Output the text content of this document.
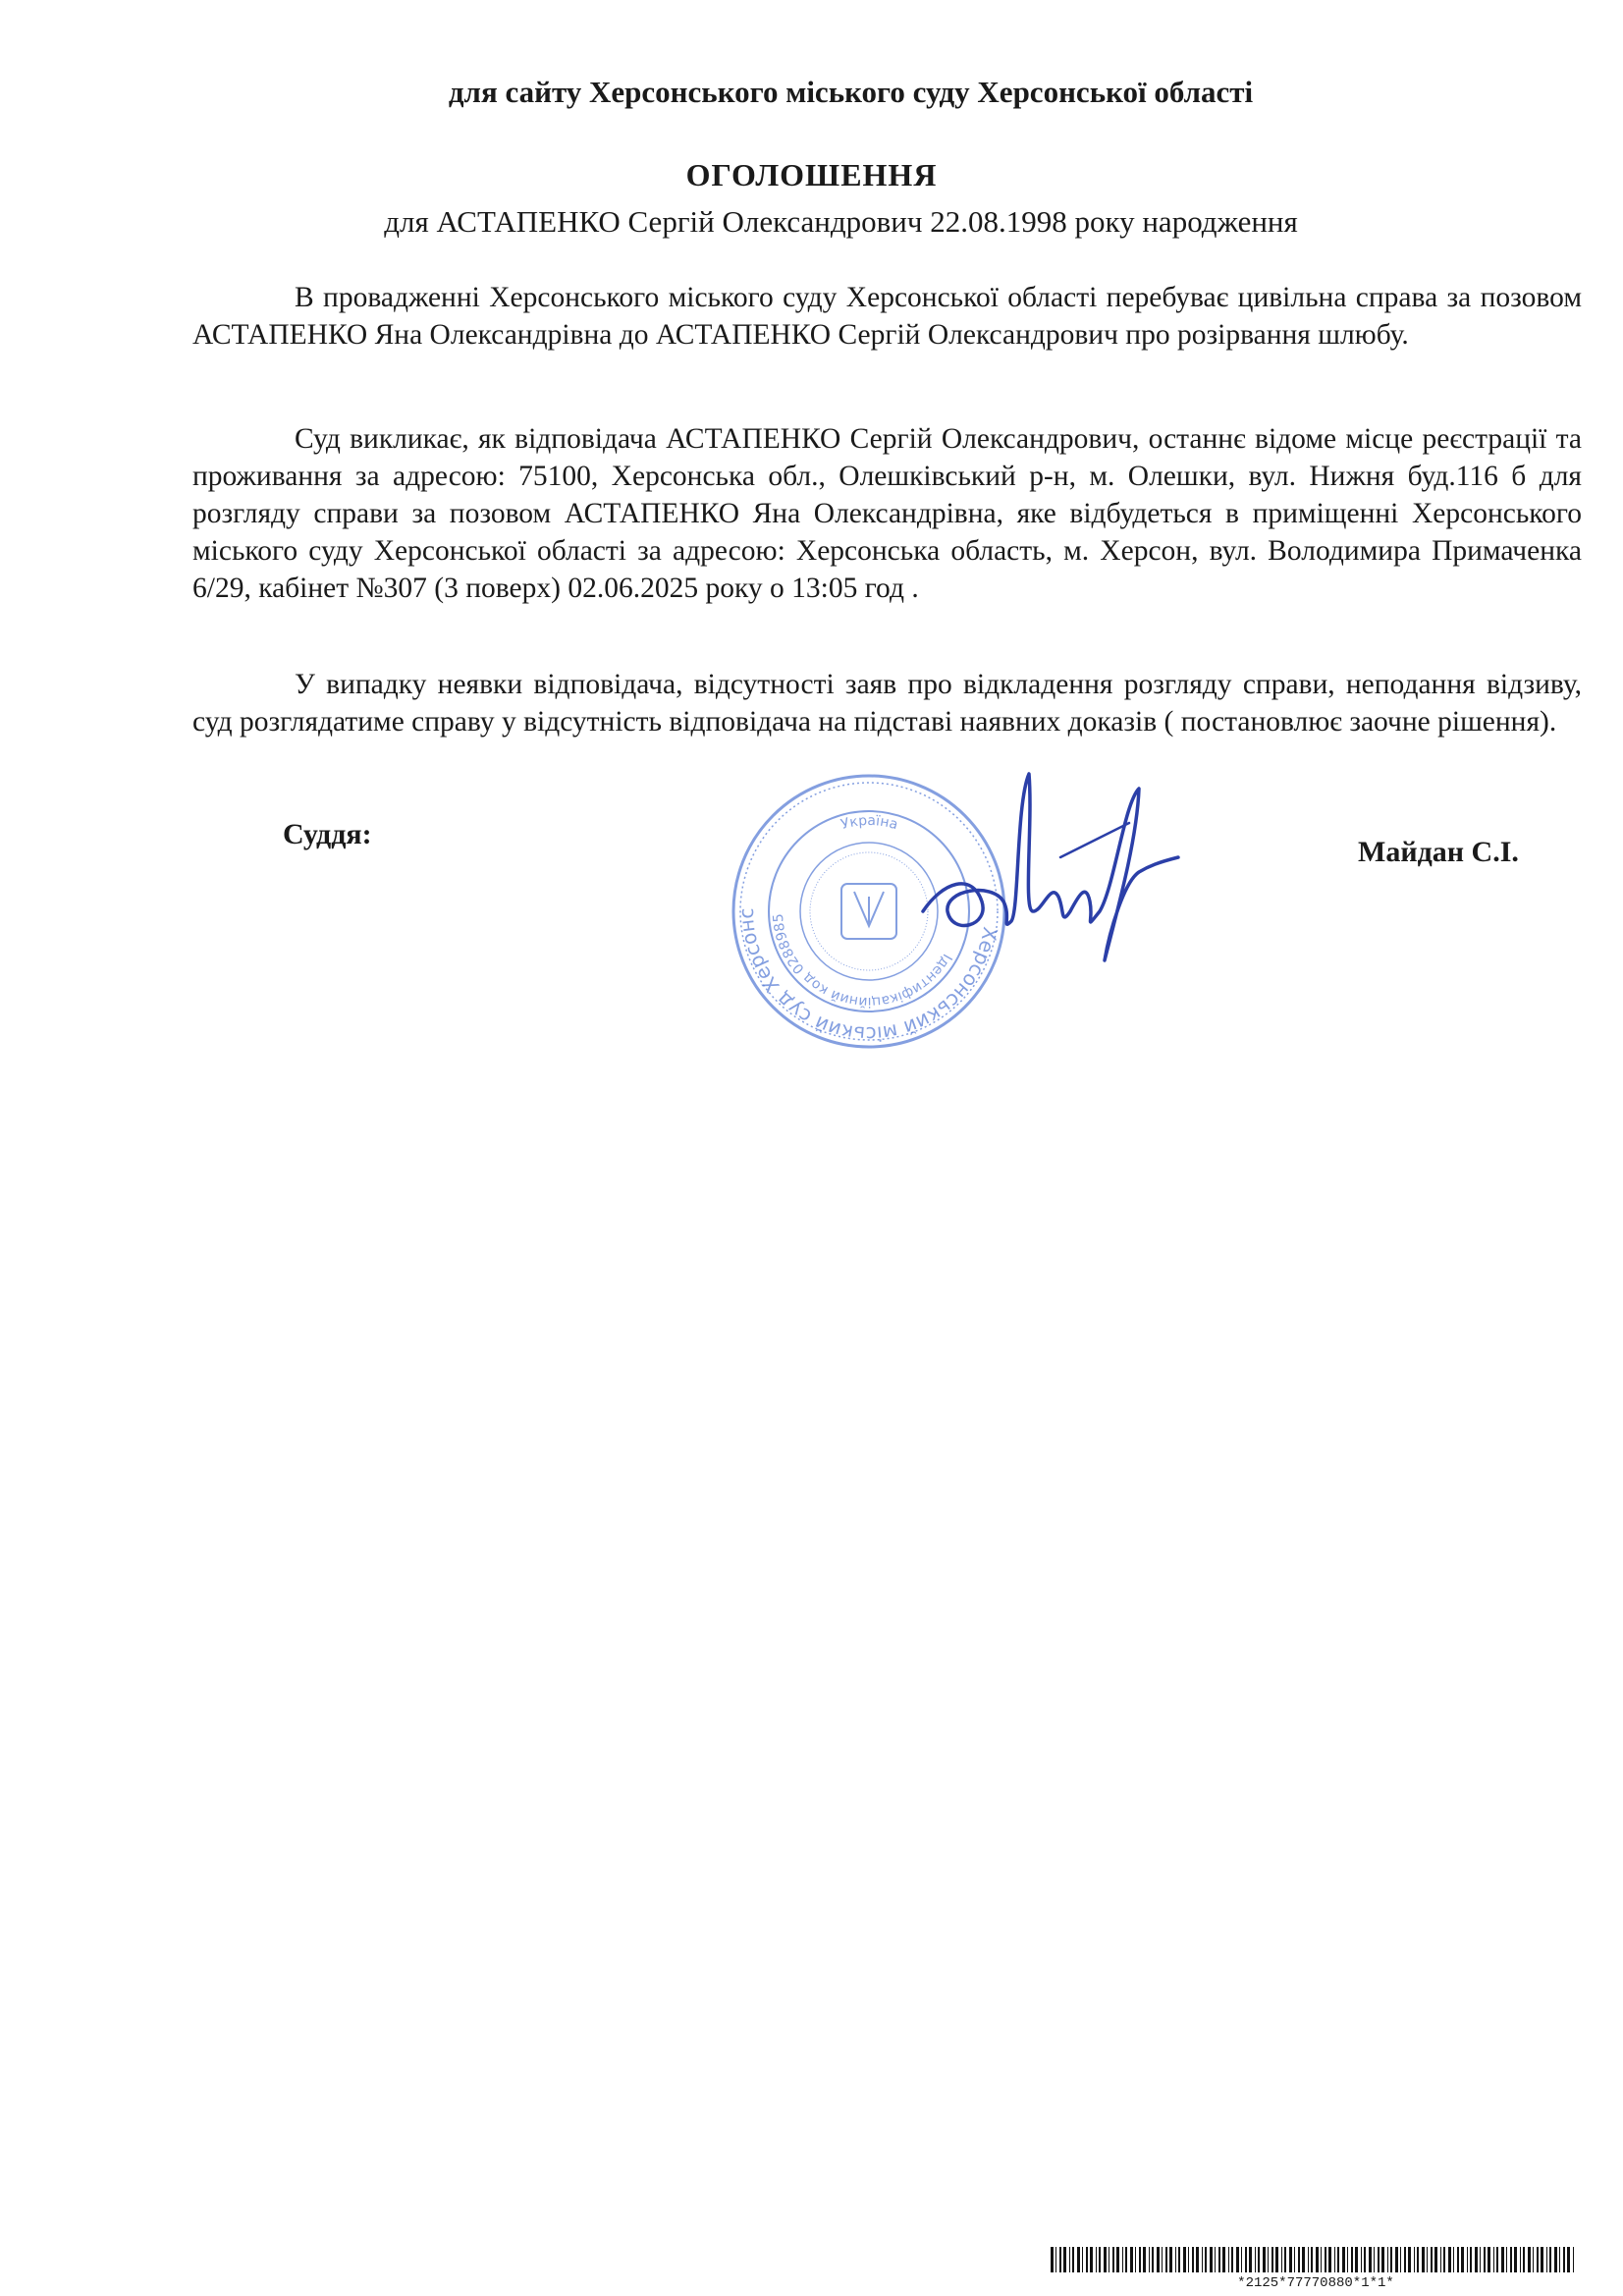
для сайту Херсонського міського суду Херсонської області
ОГОЛОШЕННЯ
для АСТАПЕНКО Сергій Олександрович 22.08.1998 року народження
В провадженні Херсонського міського суду Херсонської області перебуває цивільна справа за позовом АСТАПЕНКО Яна Олександрівна до АСТАПЕНКО Сергій Олександрович про розірвання шлюбу.
Суд викликає, як відповідача АСТАПЕНКО Сергій Олександрович, останнє відоме місце реєстрації та проживання за адресою: 75100, Херсонська обл., Олешківський р-н, м. Олешки, вул. Нижня буд.116 б для розгляду справи за позовом АСТАПЕНКО Яна Олександрівна, яке відбудеться в приміщенні Херсонського міського суду Херсонської області за адресою: Херсонська область, м. Херсон, вул. Володимира Примаченка 6/29, кабінет №307 (3 поверх) 02.06.2025 року о 13:05 год .
У випадку неявки відповідача, відсутності заяв про відкладення розгляду справи, неподання відзиву, суд розглядатиме справу у відсутність відповідача на підставі наявних доказів ( постановлює заочне рішення).
Суддя:
Майдан С.І.
Херсонський міський суд Херсонс
Ідентифікаційний код 0288985
Україна
*2125*77770880*1*1*
